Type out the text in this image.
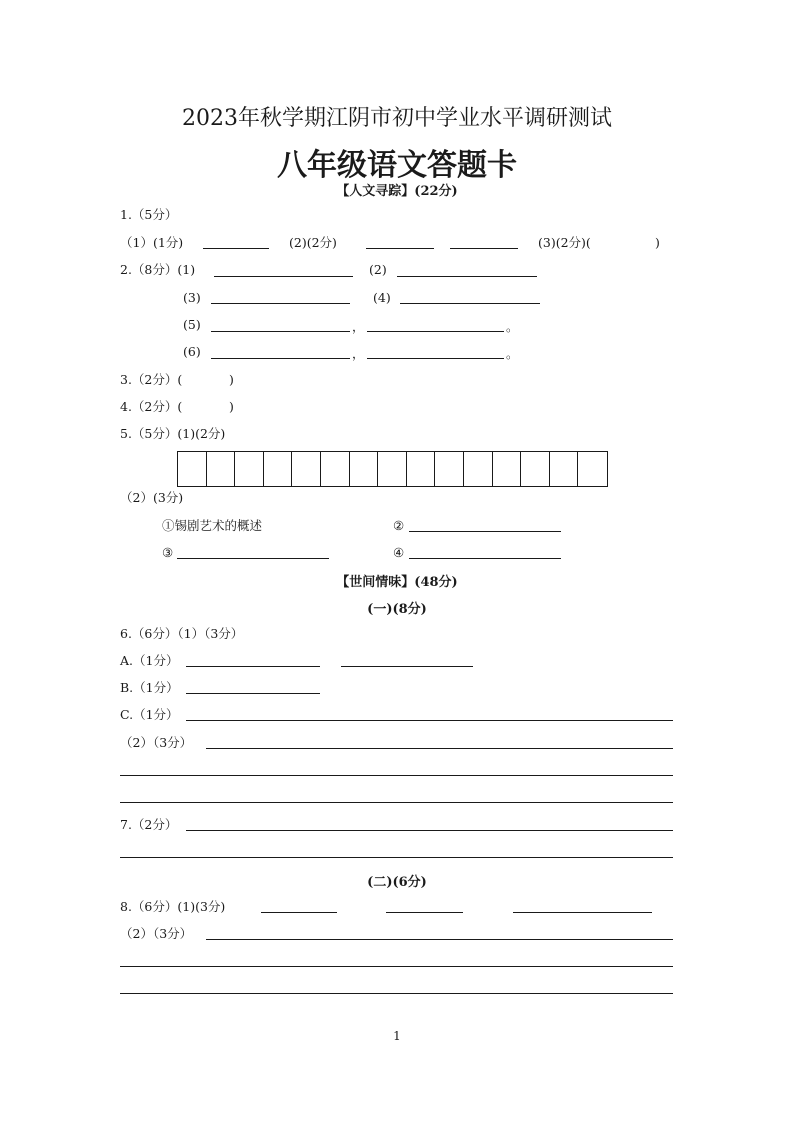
2023年秋学期江阴市初中学业水平调研测试
八年级语文答题卡
【人文寻踪】(22分)
1.（5分）
（1）(1分)	(2)(2分)	(3)(2分)(	)
2.（8分）(1)	(2)
(3)	(4)
(5)	，	。
(6)	，	。
3.（2分）(	)
4.（2分）(	)
5.（5分）(1)(2分)
（2）(3分)
①锡剧艺术的概述	②
③	④
【世间情味】(48分)
(一)(8分)
6.（6分）（1）（3分）
A.（1分）
B.（1分）
C.（1分）
（2）（3分）
7.（2分）
(二)(6分)
8.（6分）(1)(3分)
（2）（3分）
1
